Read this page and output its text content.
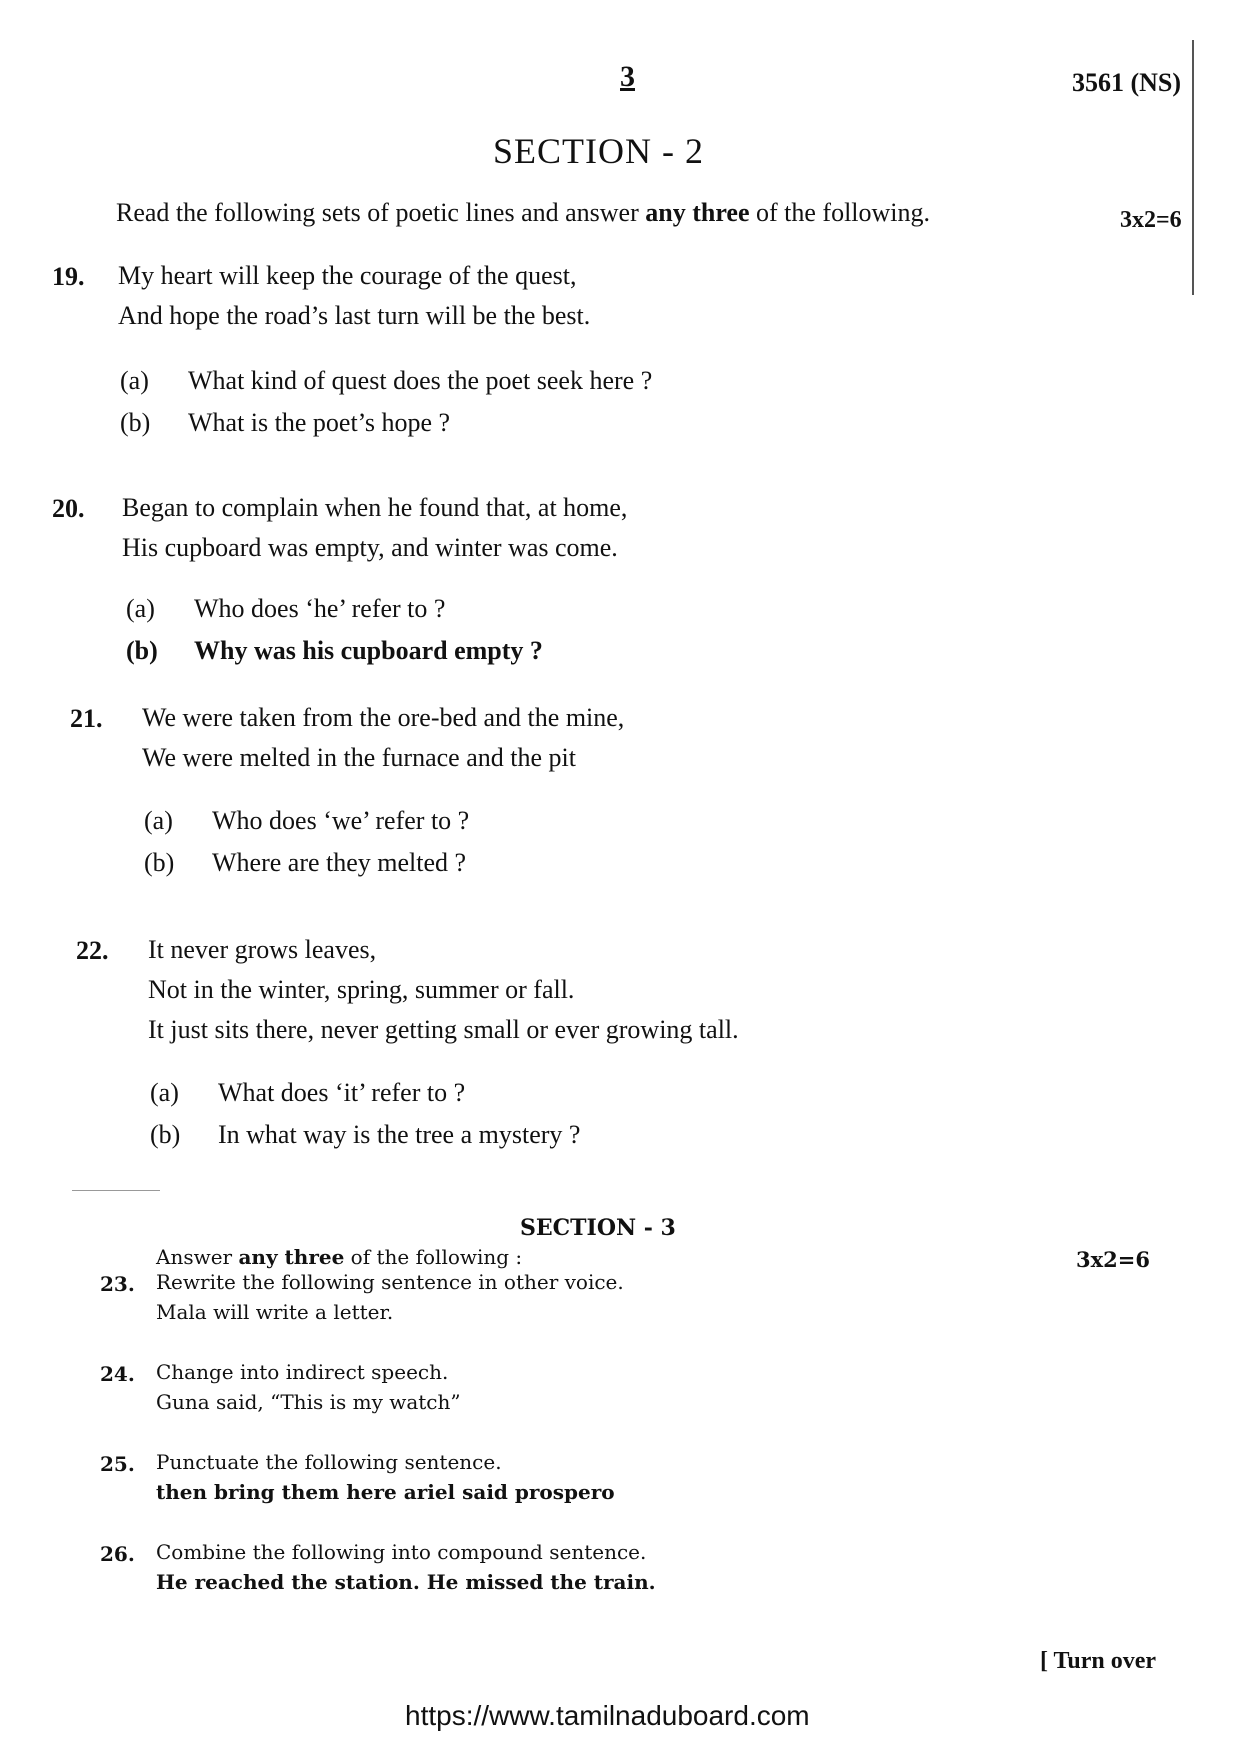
3	3561 (NS)
SECTION - 2
Read the following sets of poetic lines and answer any three of the following.	3x2=6
19. My heart will keep the courage of the quest,
And hope the road’s last turn will be the best.
(a) What kind of quest does the poet seek here ?
(b) What is the poet’s hope ?
20. Began to complain when he found that, at home,
His cupboard was empty, and winter was come.
(a) Who does ‘he’ refer to ?
(b) Why was his cupboard empty ?
21. We were taken from the ore-bed and the mine,
We were melted in the furnace and the pit
(a) Who does ‘we’ refer to ?
(b) Where are they melted ?
22. It never grows leaves,
Not in the winter, spring, summer or fall.
It just sits there, never getting small or ever growing tall.
(a) What does ‘it’ refer to ?
(b) In what way is the tree a mystery ?
SECTION - 3
Answer any three of the following :	3x2=6
23. Rewrite the following sentence in other voice.
Mala will write a letter.
24. Change into indirect speech.
Guna said, “This is my watch”
25. Punctuate the following sentence.
then bring them here ariel said prospero
26. Combine the following into compound sentence.
He reached the station. He missed the train.
[ Turn over
https://www.tamilnaduboard.com
